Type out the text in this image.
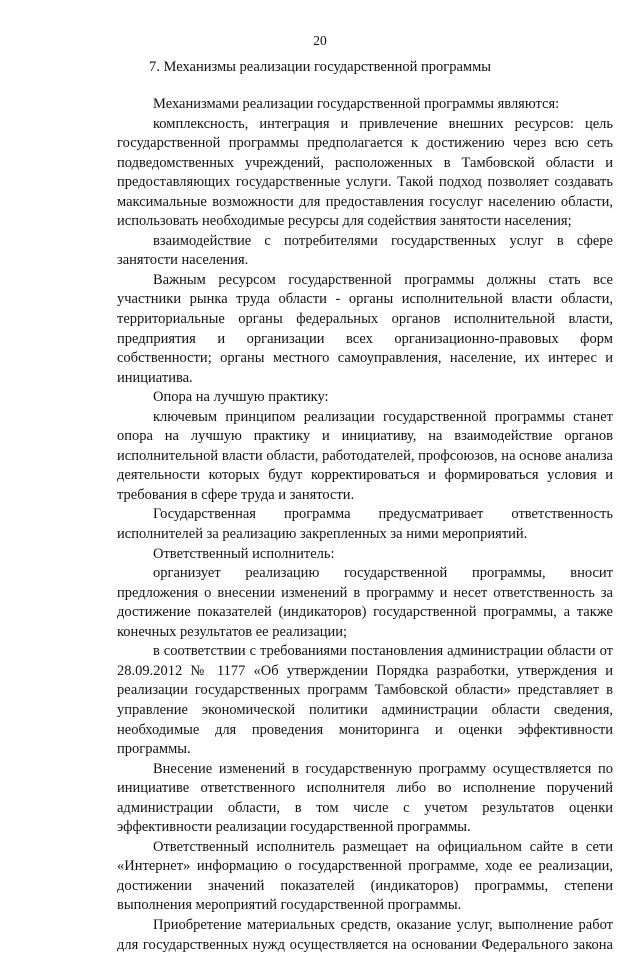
20
7. Механизмы реализации государственной программы

Механизмами реализации государственной программы являются:

комплексность, интеграция и привлечение внешних ресурсов: цель государственной программы предполагается к достижению через всю сеть подведомственных учреждений, расположенных в Тамбовской области и предоставляющих государственные услуги. Такой подход позволяет создавать максимальные возможности для предоставления госуслуг населению области, использовать необходимые ресурсы для содействия занятости населения;

взаимодействие с потребителями государственных услуг в сфере занятости населения.

Важным ресурсом государственной программы должны стать все участники рынка труда области - органы исполнительной власти области, территориальные органы федеральных органов исполнительной власти, предприятия и организации всех организационно-правовых форм собственности; органы местного самоуправления, население, их интерес и инициатива.

Опора на лучшую практику:

ключевым принципом реализации государственной программы станет опора на лучшую практику и инициативу, на взаимодействие органов исполнительной власти области, работодателей, профсоюзов, на основе анализа деятельности которых будут корректироваться и формироваться условия и требования в сфере труда и занятости.

Государственная программа предусматривает ответственность исполнителей за реализацию закрепленных за ними мероприятий.

Ответственный исполнитель:

организует реализацию государственной программы, вносит предложения о внесении изменений в программу и несет ответственность за достижение показателей (индикаторов) государственной программы, а также конечных результатов ее реализации;

в соответствии с требованиями постановления администрации области от 28.09.2012 № 1177 «Об утверждении Порядка разработки, утверждения и реализации государственных программ Тамбовской области» представляет в управление экономической политики администрации области сведения, необходимые для проведения мониторинга и оценки эффективности программы.

Внесение изменений в государственную программу осуществляется по инициативе ответственного исполнителя либо во исполнение поручений администрации области, в том числе с учетом результатов оценки эффективности реализации государственной программы.

Ответственный исполнитель размещает на официальном сайте в сети «Интернет» информацию о государственной программе, ходе ее реализации, достижении значений показателей (индикаторов) программы, степени выполнения мероприятий государственной программы.

Приобретение материальных средств, оказание услуг, выполнение работ для государственных нужд осуществляется на основании Федерального закона
